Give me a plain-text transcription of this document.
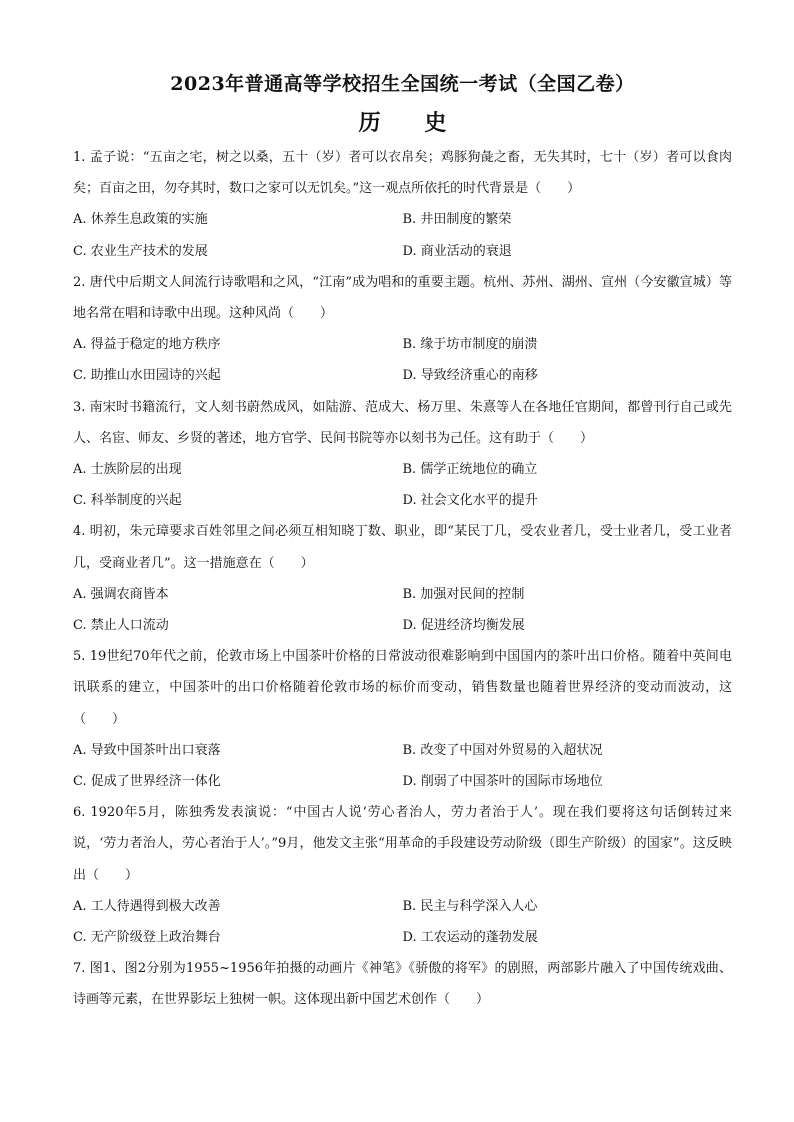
2023年普通高等学校招生全国统一考试（全国乙卷）
历 史
1. 孟子说：“五亩之宅，树之以桑，五十（岁）者可以衣帛矣；鸡豚狗彘之畜，无失其时，七十（岁）者可以食肉矣；百亩之田，勿夺其时，数口之家可以无饥矣。”这一观点所依托的时代背景是（　　）
A. 休养生息政策的实施	B. 井田制度的繁荣
C. 农业生产技术的发展	D. 商业活动的衰退
2. 唐代中后期文人间流行诗歌唱和之风，“江南”成为唱和的重要主题。杭州、苏州、湖州、宣州（今安徽宣城）等地名常在唱和诗歌中出现。这种风尚（　　）
A. 得益于稳定的地方秩序	B. 缘于坊市制度的崩溃
C. 助推山水田园诗的兴起	D. 导致经济重心的南移
3. 南宋时书籍流行，文人刻书蔚然成风，如陆游、范成大、杨万里、朱熹等人在各地任官期间，都曾刊行自己或先人、名宦、师友、乡贤的著述，地方官学、民间书院等亦以刻书为己任。这有助于（　　）
A. 士族阶层的出现	B. 儒学正统地位的确立
C. 科举制度的兴起	D. 社会文化水平的提升
4. 明初，朱元璋要求百姓邻里之间必须互相知晓丁数、职业，即“某民丁几，受农业者几，受士业者几，受工业者几，受商业者几”。这一措施意在（　　）
A. 强调农商皆本	B. 加强对民间的控制
C. 禁止人口流动	D. 促进经济均衡发展
5. 19世纪70年代之前，伦敦市场上中国茶叶价格的日常波动很难影响到中国国内的茶叶出口价格。随着中英间电讯联系的建立，中国茶叶的出口价格随着伦敦市场的标价而变动，销售数量也随着世界经济的变动而波动，这（　　）
A. 导致中国茶叶出口衰落	B. 改变了中国对外贸易的入超状况
C. 促成了世界经济一体化	D. 削弱了中国茶叶的国际市场地位
6. 1920年5月，陈独秀发表演说：“中国古人说‘劳心者治人，劳力者治于人’。现在我们要将这句话倒转过来说，‘劳力者治人，劳心者治于人’。”9月，他发文主张“用革命的手段建设劳动阶级（即生产阶级）的国家”。这反映出（　　）
A. 工人待遇得到极大改善	B. 民主与科学深入人心
C. 无产阶级登上政治舞台	D. 工农运动的蓬勃发展
7. 图1、图2分别为1955~1956年拍摄的动画片《神笔》《骄傲的将军》的剧照，两部影片融入了中国传统戏曲、诗画等元素，在世界影坛上独树一帜。这体现出新中国艺术创作（　　）
